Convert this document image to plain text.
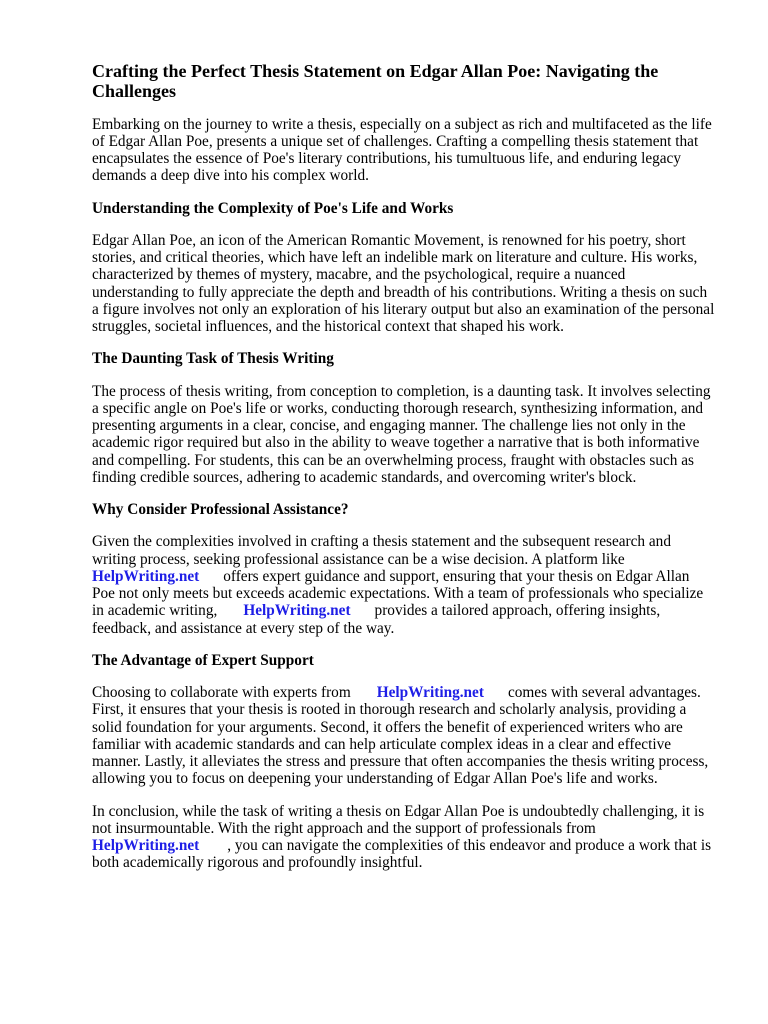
Crafting the Perfect Thesis Statement on Edgar Allan Poe: Navigating the
Challenges
Embarking on the journey to write a thesis, especially on a subject as rich and multifaceted as the life
of Edgar Allan Poe, presents a unique set of challenges. Crafting a compelling thesis statement that
encapsulates the essence of Poe's literary contributions, his tumultuous life, and enduring legacy
demands a deep dive into his complex world.
Understanding the Complexity of Poe's Life and Works
Edgar Allan Poe, an icon of the American Romantic Movement, is renowned for his poetry, short
stories, and critical theories, which have left an indelible mark on literature and culture. His works,
characterized by themes of mystery, macabre, and the psychological, require a nuanced
understanding to fully appreciate the depth and breadth of his contributions. Writing a thesis on such
a figure involves not only an exploration of his literary output but also an examination of the personal
struggles, societal influences, and the historical context that shaped his work.
The Daunting Task of Thesis Writing
The process of thesis writing, from conception to completion, is a daunting task. It involves selecting
a specific angle on Poe's life or works, conducting thorough research, synthesizing information, and
presenting arguments in a clear, concise, and engaging manner. The challenge lies not only in the
academic rigor required but also in the ability to weave together a narrative that is both informative
and compelling. For students, this can be an overwhelming process, fraught with obstacles such as
finding credible sources, adhering to academic standards, and overcoming writer's block.
Why Consider Professional Assistance?
Given the complexities involved in crafting a thesis statement and the subsequent research and
writing process, seeking professional assistance can be a wise decision. A platform like
HelpWriting.net offers expert guidance and support, ensuring that your thesis on Edgar Allan
Poe not only meets but exceeds academic expectations. With a team of professionals who specialize
in academic writing, HelpWriting.net provides a tailored approach, offering insights,
feedback, and assistance at every step of the way.
The Advantage of Expert Support
Choosing to collaborate with experts from HelpWriting.net comes with several advantages.
First, it ensures that your thesis is rooted in thorough research and scholarly analysis, providing a
solid foundation for your arguments. Second, it offers the benefit of experienced writers who are
familiar with academic standards and can help articulate complex ideas in a clear and effective
manner. Lastly, it alleviates the stress and pressure that often accompanies the thesis writing process,
allowing you to focus on deepening your understanding of Edgar Allan Poe's life and works.
In conclusion, while the task of writing a thesis on Edgar Allan Poe is undoubtedly challenging, it is
not insurmountable. With the right approach and the support of professionals from
HelpWriting.net , you can navigate the complexities of this endeavor and produce a work that is
both academically rigorous and profoundly insightful.
